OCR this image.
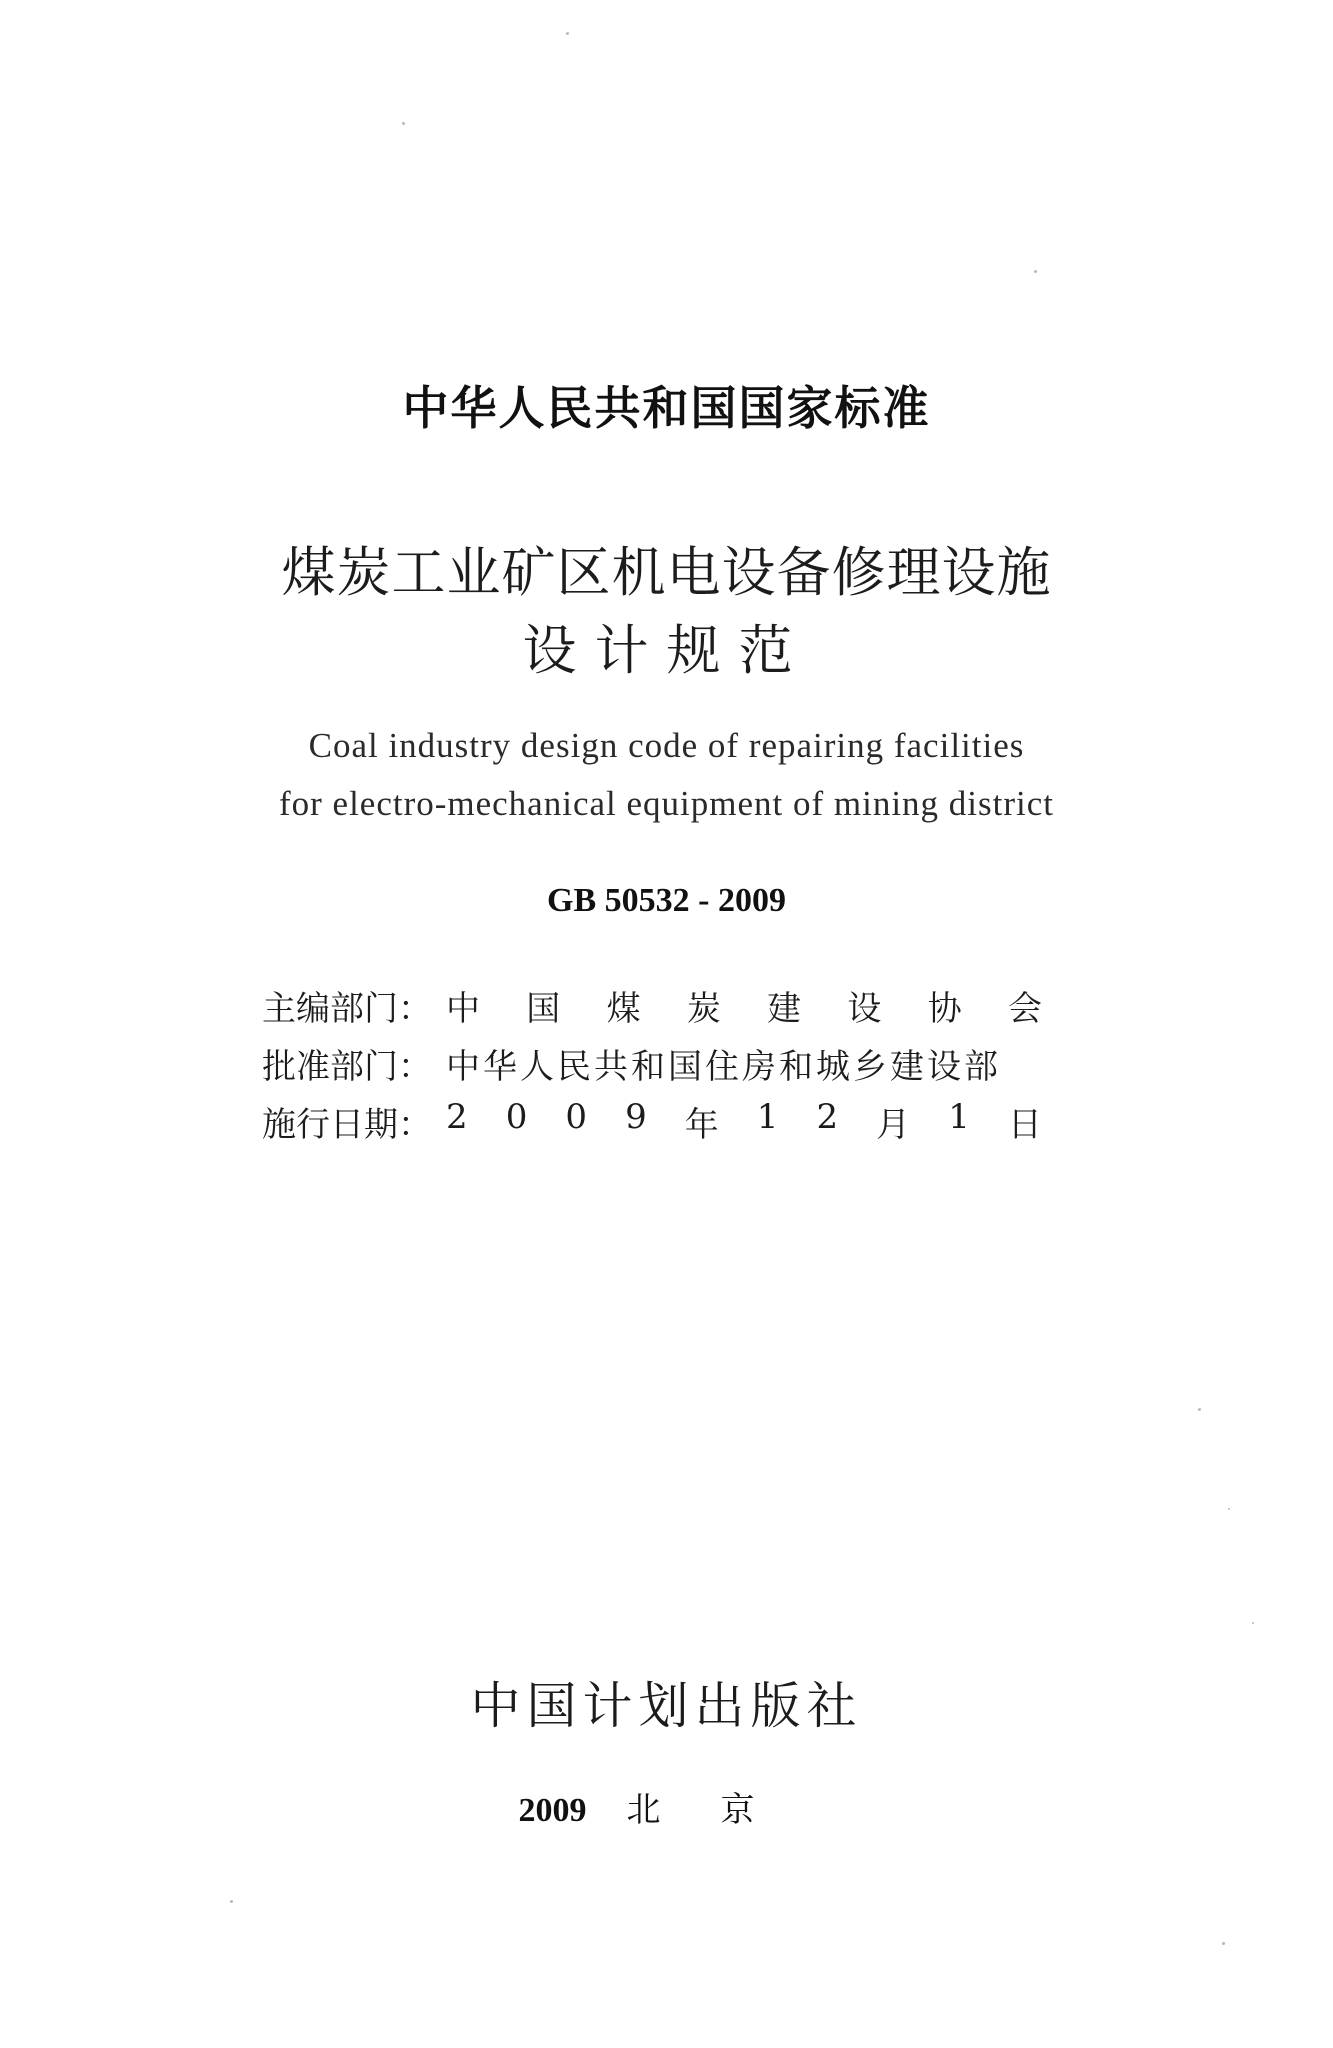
中华人民共和国国家标准
煤炭工业矿区机电设备修理设施
设计规范
Coal industry design code of repairing facilities
for electro-mechanical equipment of mining district
GB 50532 - 2009
主编部门： 中 国 煤 炭 建 设 协 会
批准部门： 中华人民共和国住房和城乡建设部
施行日期： 2 0 0 9 年 1 2 月 1 日
中国计划出版社
2009 北京
